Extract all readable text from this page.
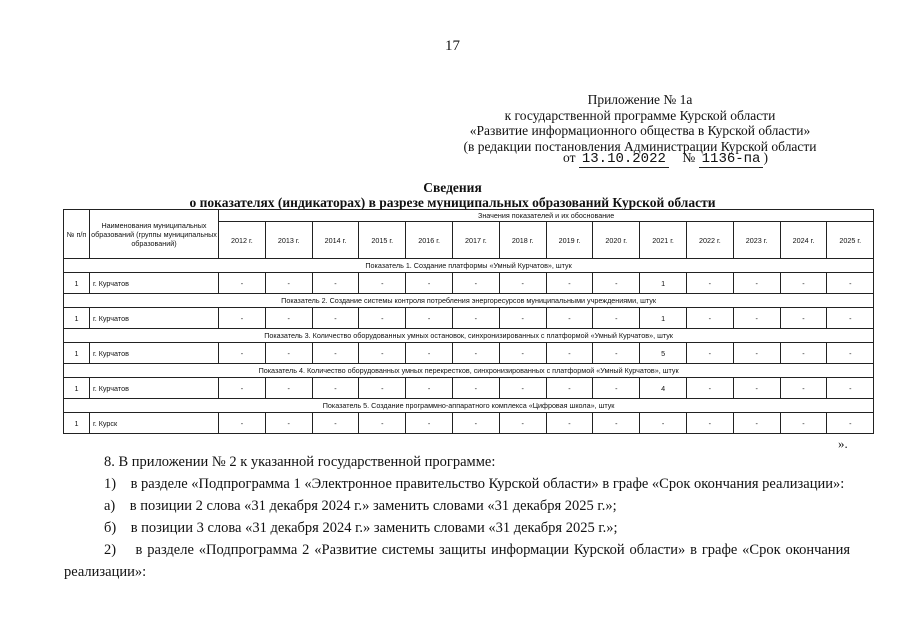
17
Приложение № 1а
к государственной программе Курской области
«Развитие информационного общества в Курской области»
(в редакции постановления Администрации Курской области
от 13.10.2022 № 1136-па )
Сведения
о показателях (индикаторах) в разрезе муниципальных образований Курской области
№ п/п	Наименования муниципальных образований (группы муниципальных образований)	Значения показателей и их обоснование													
		2012 г.	2013 г.	2014 г.	2015 г.	2016 г.	2017 г.	2018 г.	2019 г.	2020 г.	2021 г.	2022 г.	2023 г.	2024 г.	2025 г.
Показатель 1. Создание платформы «Умный Курчатов», штук															
1	г. Курчатов	-	-	-	-	-	-	-	-	-	1	-	-	-	-
Показатель 2. Создание системы контроля потребления энергоресурсов муниципальными учреждениями, штук															
1	г. Курчатов	-	-	-	-	-	-	-	-	-	1	-	-	-	-
Показатель 3. Количество оборудованных умных остановок, синхронизированных с платформой «Умный Курчатов», штук															
1	г. Курчатов	-	-	-	-	-	-	-	-	-	5	-	-	-	-
Показатель 4. Количество оборудованных умных перекрестков, синхронизированных с платформой «Умный Курчатов», штук															
1	г. Курчатов	-	-	-	-	-	-	-	-	-	4	-	-	-	-
Показатель 5. Создание программно-аппаратного комплекса «Цифровая школа», штук															
1	г. Курск	-	-	-	-	-	-	-	-	-	-	-	-	-	-
».
8. В приложении № 2 к указанной государственной программе:
1)    в разделе «Подпрограмма 1 «Электронное правительство Курской области» в графе «Срок окончания реализации»:
а)    в позиции 2 слова «31 декабря 2024 г.» заменить словами «31 декабря 2025 г.»;
б)    в позиции 3 слова «31 декабря 2024 г.» заменить словами «31 декабря 2025 г.»;
2)    в разделе «Подпрограмма 2 «Развитие системы защиты информации Курской области» в графе «Срок окончания реализации»:
